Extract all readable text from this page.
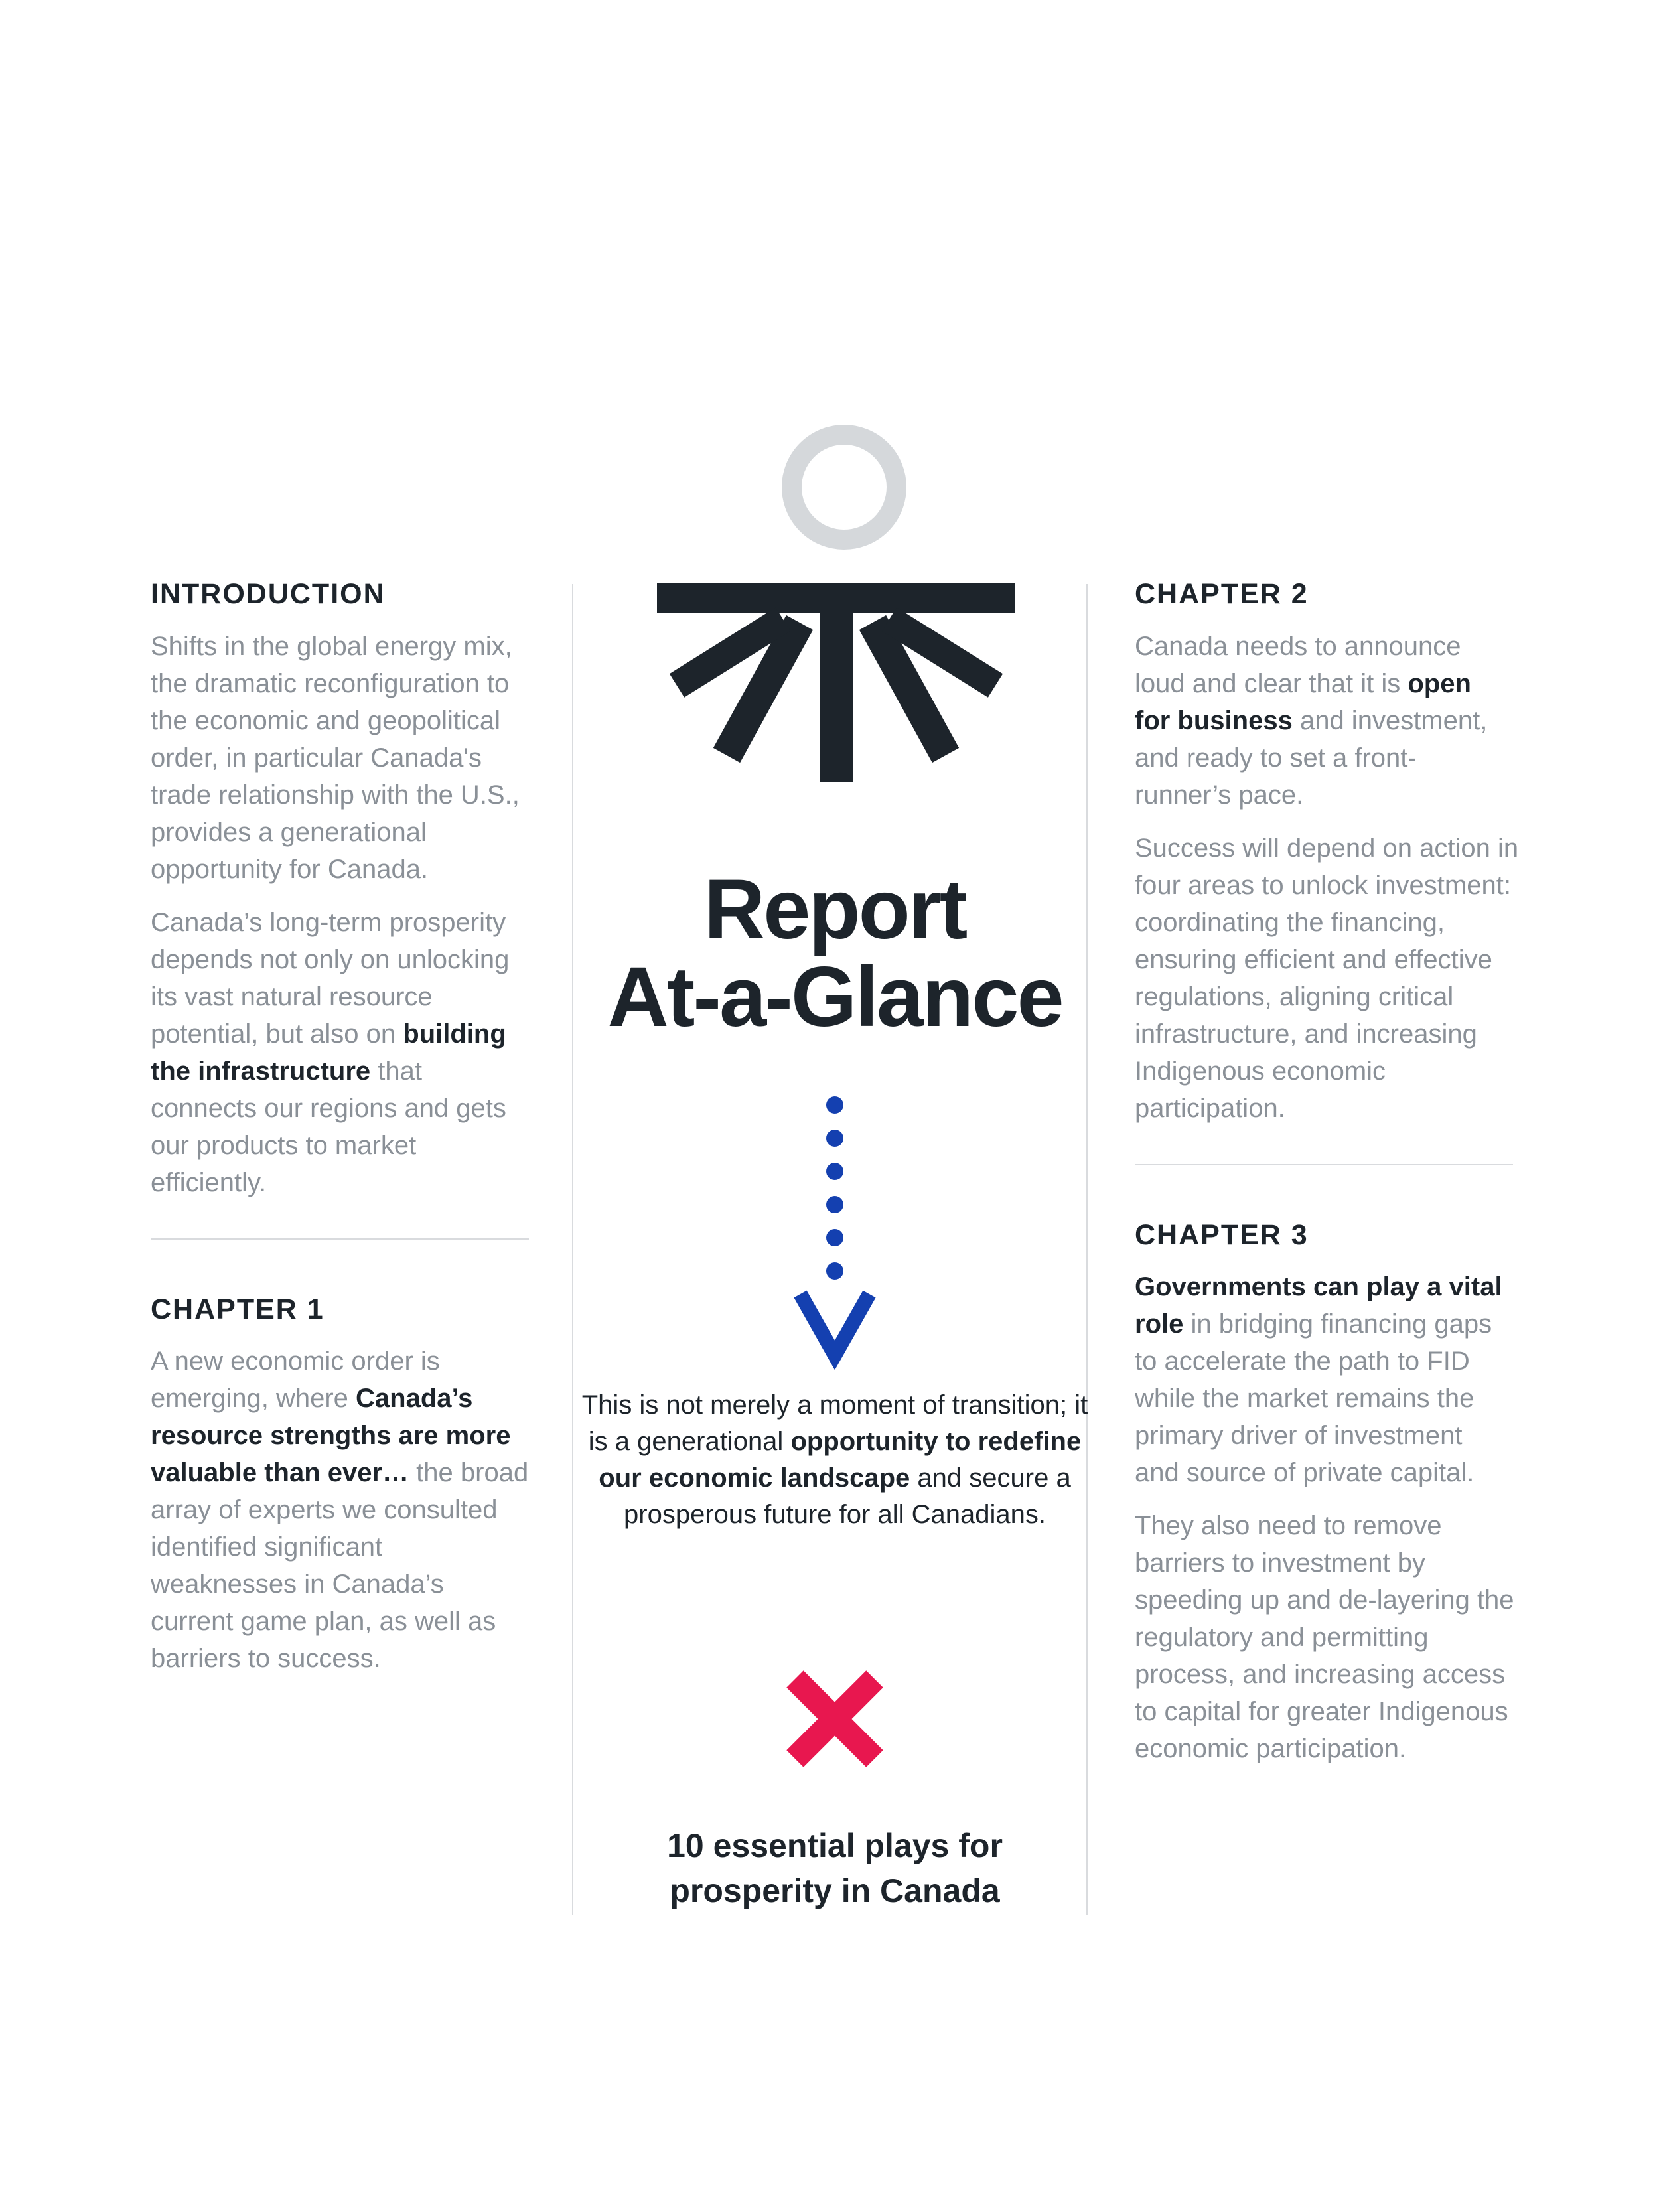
INTRODUCTION

Shifts in the global energy mix, the dramatic reconfiguration to the economic and geopolitical order, in particular Canada's trade relationship with the U.S., provides a generational opportunity for Canada.

Canada’s long-term prosperity depends not only on unlocking its vast natural resource potential, but also on building the infrastructure that connects our regions and gets our products to market efficiently.

CHAPTER 1

A new economic order is emerging, where Canada’s resource strengths are more valuable than ever… the broad array of experts we consulted identified significant weaknesses in Canada’s current game plan, as well as barriers to success.

Report
At-a-Glance
This is not merely a moment of transition; it is a generational opportunity to redefine our economic landscape and secure a prosperous future for all Canadians.
10 essential plays for
prosperity in Canada
CHAPTER 2

Canada needs to announce loud and clear that it is open for business and investment, and ready to set a front-runner’s pace.

Success will depend on action in four areas to unlock investment: coordinating the financing, ensuring efficient and effective regulations, aligning critical infrastructure, and increasing Indigenous economic participation.

CHAPTER 3

Governments can play a vital role in bridging financing gaps to accelerate the path to FID while the market remains the primary driver of investment and source of private capital.

They also need to remove barriers to investment by speeding up and de-layering the regulatory and permitting process, and increasing access to capital for greater Indigenous economic participation.
